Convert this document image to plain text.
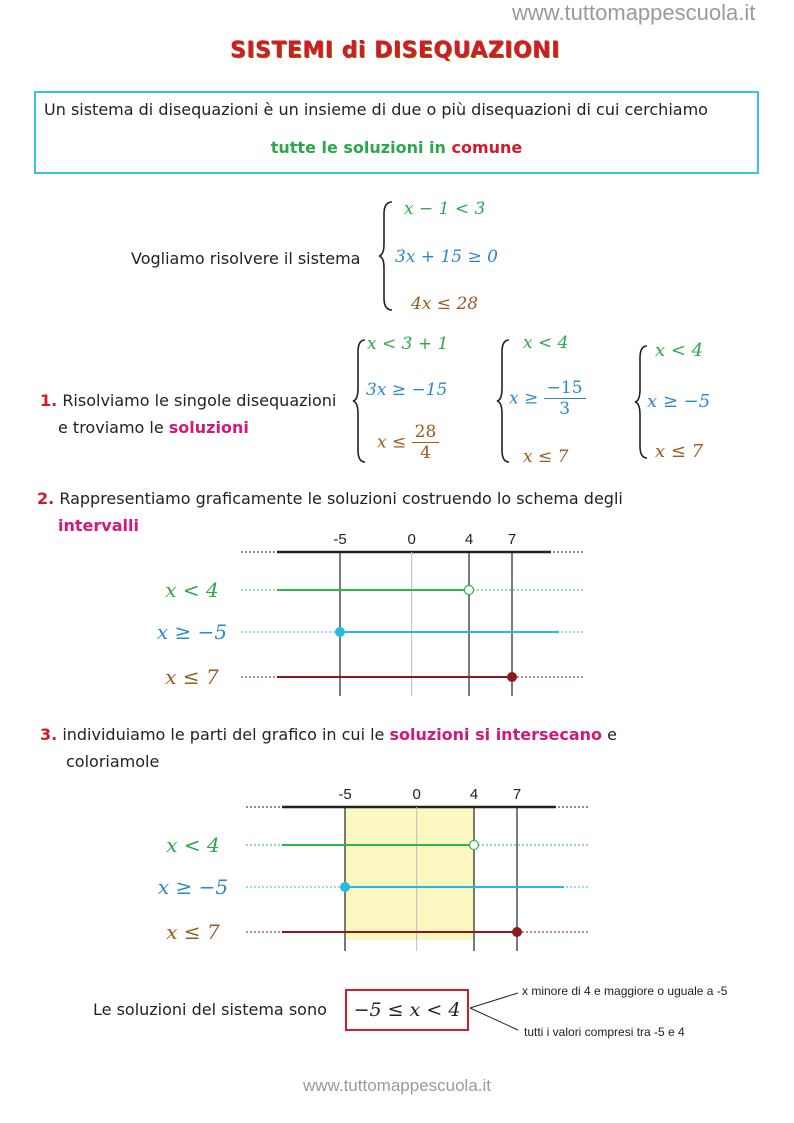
www.tuttomappescuola.it
SISTEMI di DISEQUAZIONI
Un sistema di disequazioni è un insieme di due o più disequazioni di cui cerchiamo
tutte le soluzioni in comune
Vogliamo risolvere il sistema
x − 1 < 3
3x + 15 ≥ 0
4x ≤ 28
1. Risolviamo le singole disequazioni
e troviamo le soluzioni
x < 3 + 1
3x ≥ −15
$x \le \frac{28}{4}$
x < 4
$x \ge \frac{-15}{3}$
x ≤ 7
x < 4
x ≥ −5
x ≤ 7
2. Rappresentiamo graficamente le soluzioni costruendo lo schema degli
intervalli
-5	0	4 7
x < 4
x ≥ −5
x ≤ 7
3. individuiamo le parti del grafico in cui le soluzioni si intersecano e
coloriamole
-5	0	4 7
x < 4
x ≥ −5
x ≤ 7
Le soluzioni del sistema sono	−5 ≤ x < 4
x minore di 4 e maggiore o uguale a -5
tutti i valori compresi tra -5 e 4
www.tuttomappescuola.it
